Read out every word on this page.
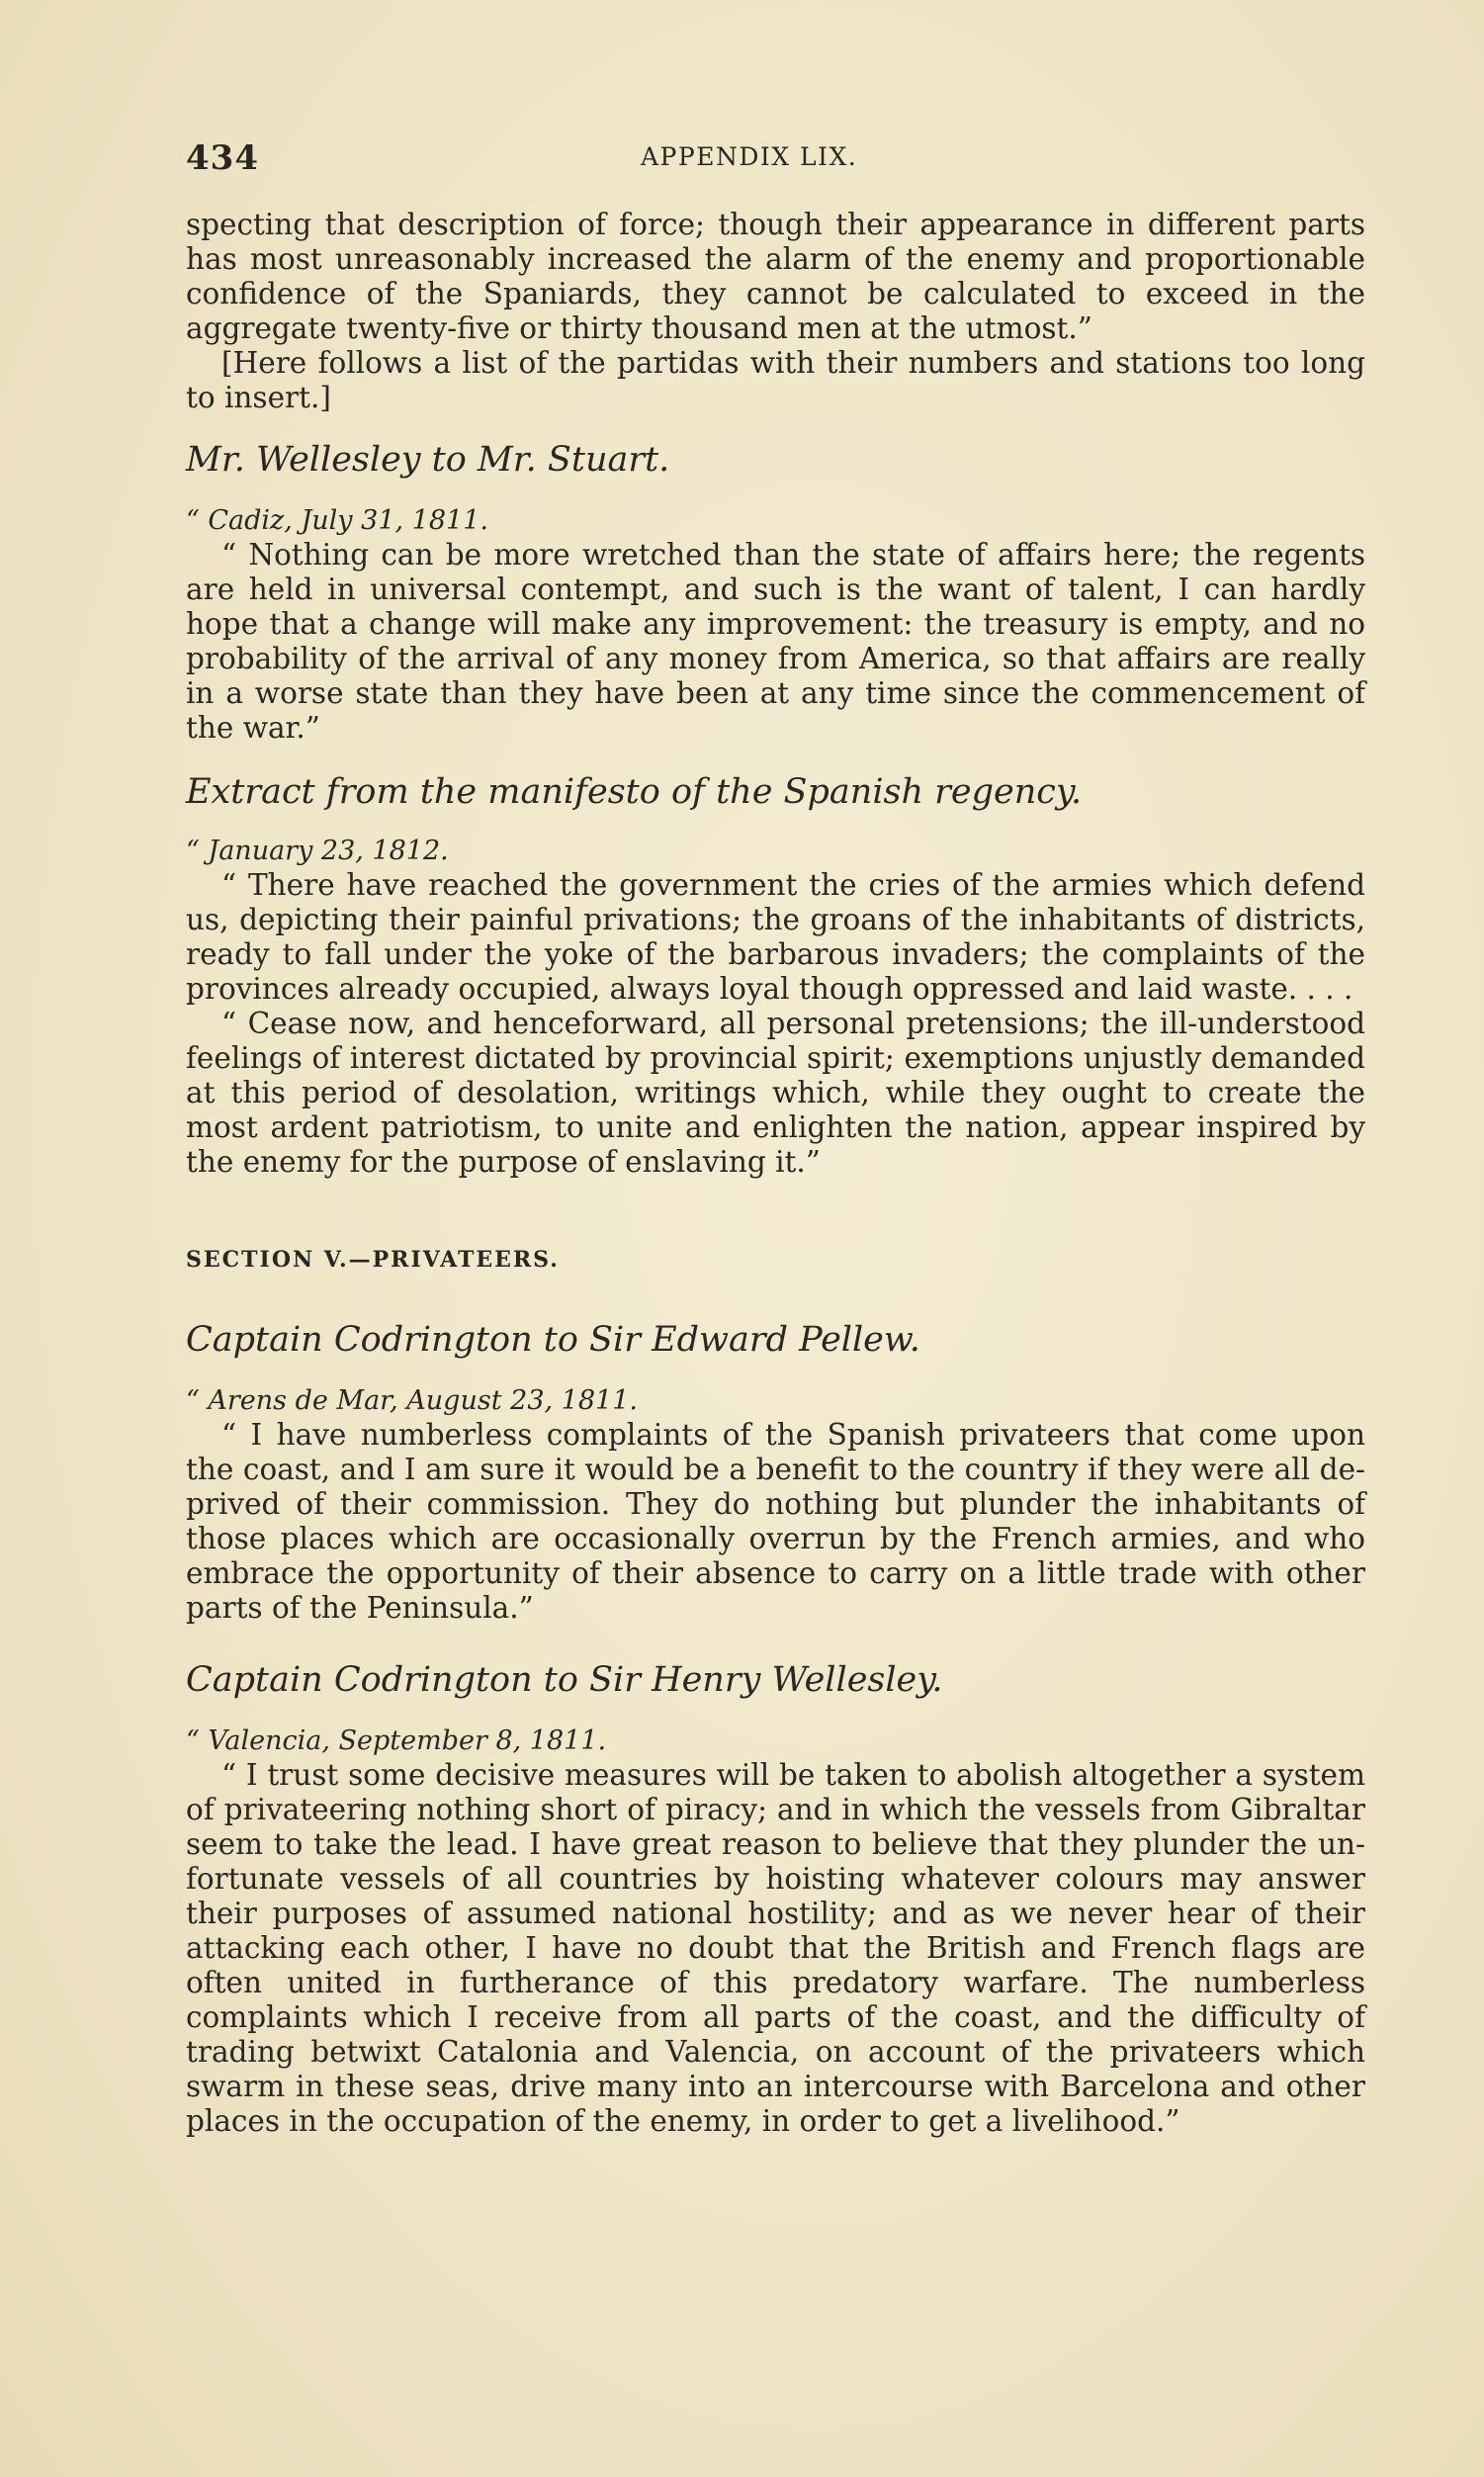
434	APPENDIX LIX.

specting that description of force; though their appearance in different parts has most unreasonably increased the alarm of the enemy and proportionable confidence of the Spaniards, they cannot be calculated to exceed in the aggregate twenty-five or thirty thousand men at the utmost.”

[Here follows a list of the partidas with their numbers and stations too long to insert.]

Mr. Wellesley to Mr. Stuart.

“ Cadiz, July 31, 1811.

“ Nothing can be more wretched than the state of affairs here; the regents are held in universal contempt, and such is the want of talent, I can hardly hope that a change will make any improvement: the treasury is empty, and no probability of the arrival of any money from America, so that affairs are really in a worse state than they have been at any time since the commencement of the war.”

Extract from the manifesto of the Spanish regency.

“ January 23, 1812.

“ There have reached the government the cries of the armies which defend us, depicting their painful privations; the groans of the inhabitants of districts, ready to fall under the yoke of the barbarous invaders; the complaints of the provinces already occupied, always loyal though oppressed and laid waste. . . .

“ Cease now, and henceforward, all personal pretensions; the ill-understood feelings of interest dictated by provincial spirit; exemptions unjustly demanded at this period of desolation, writings which, while they ought to create the most ardent patriotism, to unite and enlighten the nation, appear inspired by the enemy for the purpose of enslaving it.”

SECTION V.—PRIVATEERS.

Captain Codrington to Sir Edward Pellew.

“ Arens de Mar, August 23, 1811.

“ I have numberless complaints of the Spanish privateers that come upon the coast, and I am sure it would be a benefit to the country if they were all deprived of their commission. They do nothing but plunder the inhabitants of those places which are occasionally overrun by the French armies, and who embrace the opportunity of their absence to carry on a little trade with other parts of the Peninsula.”

Captain Codrington to Sir Henry Wellesley.

“ Valencia, September 8, 1811.

“ I trust some decisive measures will be taken to abolish altogether a system of privateering nothing short of piracy; and in which the vessels from Gibraltar seem to take the lead. I have great reason to believe that they plunder the unfortunate vessels of all countries by hoisting whatever colours may answer their purposes of assumed national hostility; and as we never hear of their attacking each other, I have no doubt that the British and French flags are often united in furtherance of this predatory warfare. The numberless complaints which I receive from all parts of the coast, and the difficulty of trading betwixt Catalonia and Valencia, on account of the privateers which swarm in these seas, drive many into an intercourse with Barcelona and other places in the occupation of the enemy, in order to get a livelihood.”
